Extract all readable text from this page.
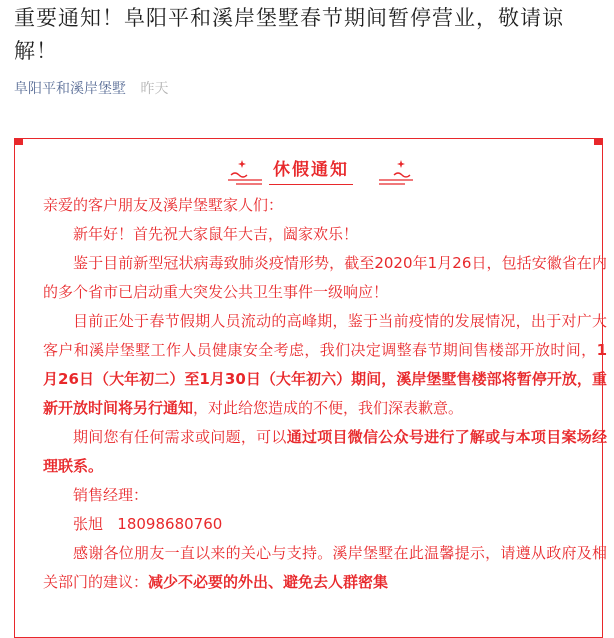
重要通知！阜阳平和溪岸堡墅春节期间暂停营业，敬请谅解！
阜阳平和溪岸堡墅 昨天
休假通知

亲爱的客户朋友及溪岸堡墅家人们：

新年好！首先祝大家鼠年大吉，阖家欢乐！

鉴于目前新型冠状病毒致肺炎疫情形势，截至2020年1月26日，包括安徽省在内的多个省市已启动重大突发公共卫生事件一级响应！

目前正处于春节假期人员流动的高峰期，鉴于当前疫情的发展情况，出于对广大客户和溪岸堡墅工作人员健康安全考虑，我们决定调整春节期间售楼部开放时间，1月26日（大年初二）至1月30日（大年初六）期间，溪岸堡墅售楼部将暂停开放，重新开放时间将另行通知，对此给您造成的不便，我们深表歉意。

期间您有任何需求或问题，可以通过项目微信公众号进行了解或与本项目案场经理联系。

销售经理：

张旭   18098680760

感谢各位朋友一直以来的关心与支持。溪岸堡墅在此温馨提示，请遵从政府及相关部门的建议：减少不必要的外出、避免去人群密集
